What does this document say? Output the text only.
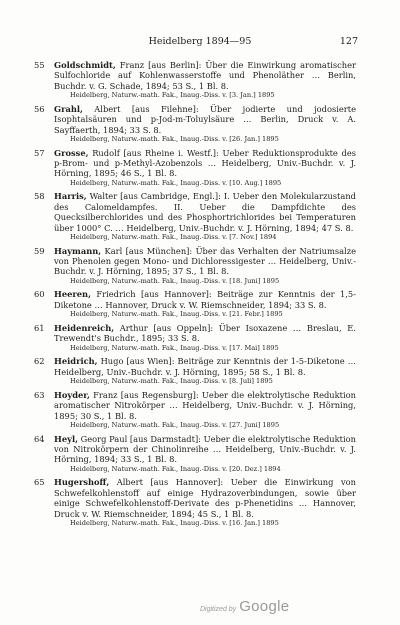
Heidelberg 1894—95	127
55	Goldschmidt, Franz [aus Berlin]: Über die Einwirkung aromatischer Sulfochloride auf Kohlenwasserstoffe und Phenoläther … Berlin, Buchdr. v. G. Schade, 1894; 53 S., 1 Bl. 8.
Heidelberg, Naturw.-math. Fak., Inaug.-Diss. v. [3. Jan.] 1895
56	Grahl, Albert [aus Filehne]: Über jodierte und jodosierte Isophtalsäuren und p-Jod-m-Toluylsäure … Berlin, Druck v. A. Sayffaerth, 1894; 33 S. 8.
Heidelberg, Naturw.-math. Fak., Inaug.-Diss. v. [26. Jan.] 1895
57	Grosse, Rudolf [aus Rheine i. Westf.]: Ueber Reduktionsprodukte des p-Brom- und p-Methyl-Azobenzols … Heidelberg, Univ.-Buchdr. v. J. Hörning, 1895; 46 S., 1 Bl. 8.
Heidelberg, Naturw.-math. Fak., Inaug.-Diss. v. [10. Aug.] 1895
58	Harris, Walter [aus Cambridge, Engl.]: I. Ueber den Molekularzustand des Calomeldampfes. II. Ueber die Dampfdichte des Quecksilberchlorides und des Phosphortrichlorides bei Temperaturen über 1000° C. … Heidelberg, Univ.-Buchdr. v. J. Hörning, 1894; 47 S. 8.
Heidelberg, Naturw.-math. Fak., Inaug.-Diss. v. [7. Nov.] 1894
59	Haymann, Karl [aus München]: Über das Verhalten der Natriumsalze von Phenolen gegen Mono- und Dichloressigester … Heidelberg, Univ.-Buchdr. v. J. Hörning, 1895; 37 S., 1 Bl. 8.
Heidelberg, Naturw.-math. Fak., Inaug.-Diss. v. [18. Juni] 1895
60	Heeren, Friedrich [aus Hannover]: Beiträge zur Kenntnis der 1,5-Diketone … Hannover, Druck v. W. Riemschneider, 1894; 33 S. 8.
Heidelberg, Naturw.-math. Fak., Inaug.-Diss. v. [21. Febr.] 1895
61	Heidenreich, Arthur [aus Oppeln]: Über Isoxazene … Breslau, E. Trewendt's Buchdr., 1895; 33 S. 8.
Heidelberg, Naturw.-math. Fak., Inaug.-Diss. v. [17. Mai] 1895
62	Heidrich, Hugo [aus Wien]: Beiträge zur Kenntnis der 1-5-Diketone … Heidelberg, Univ.-Buchdr. v. J. Hörning, 1895; 58 S., 1 Bl. 8.
Heidelberg, Naturw.-math. Fak., Inaug.-Diss. v. [8. Juli] 1895
63	Hoyder, Franz [aus Regensburg]: Ueber die elektrolytische Reduktion aromatischer Nitrokörper … Heidelberg, Univ.-Buchdr. v. J. Hörning, 1895; 30 S., 1 Bl. 8.
Heidelberg, Naturw.-math. Fak., Inaug.-Diss. v. [27. Juni] 1895
64	Heyl, Georg Paul [aus Darmstadt]: Ueber die elektrolytische Reduktion von Nitrokörpern der Chinolinreihe … Heidelberg, Univ.-Buchdr. v. J. Hörning, 1894; 33 S., 1 Bl. 8.
Heidelberg, Naturw.-math. Fak., Inaug.-Diss. v. [20. Dez.] 1894
65	Hugershoff, Albert [aus Hannover]: Ueber die Einwirkung von Schwefelkohlenstoff auf einige Hydrazoverbindungen, sowie über einige Schwefelkohlenstoff-Derivate des p-Phenetidins … Hannover, Druck v. W. Riemschneider, 1894; 45 S., 1 Bl. 8.
Heidelberg, Naturw.-math. Fak., Inaug.-Diss. v. [16. Jan.] 1895
Digitized by Google
